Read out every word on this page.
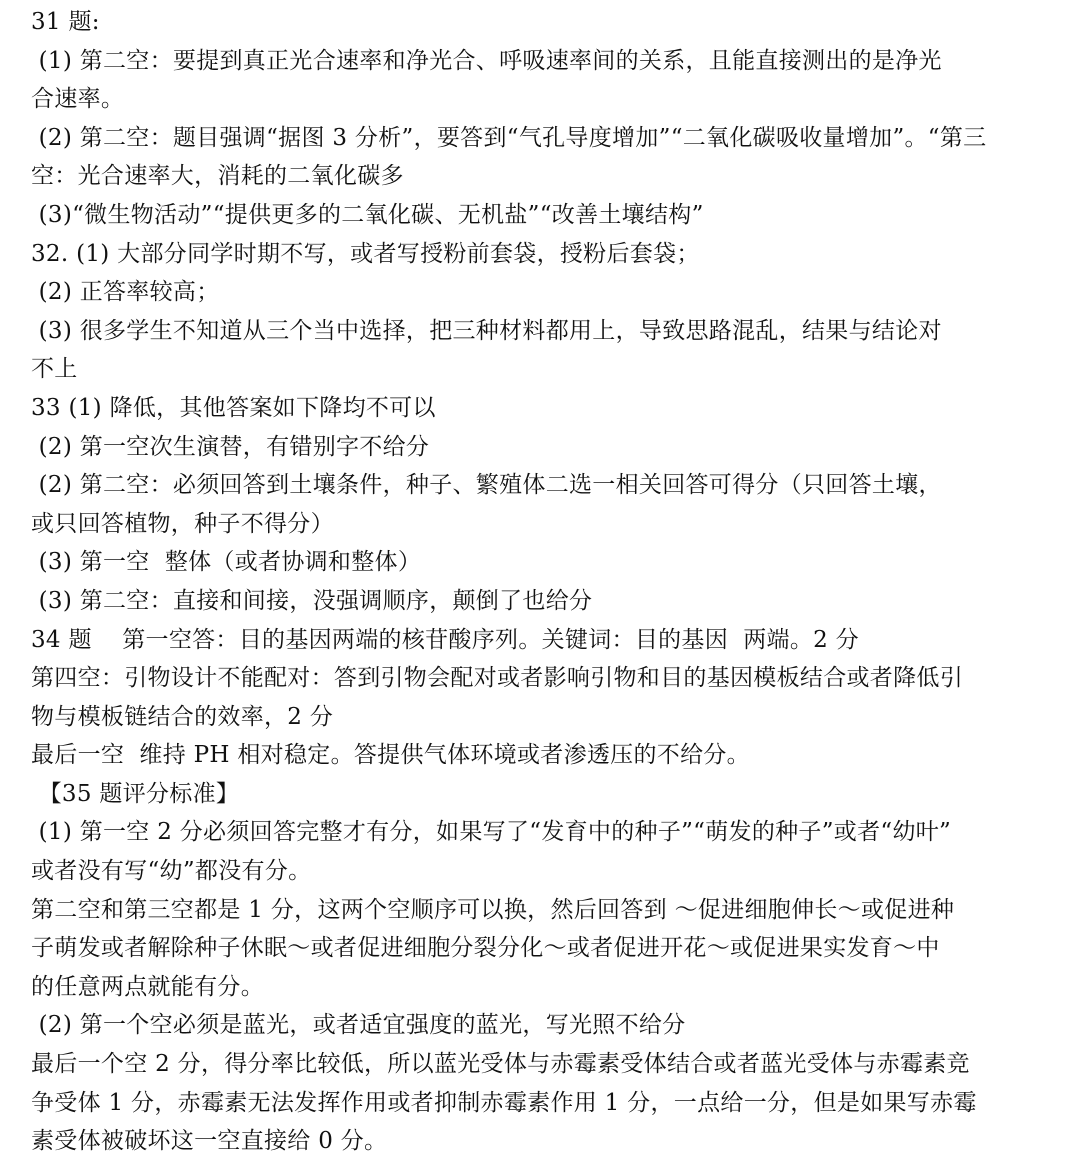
31 题:
(1) 第二空：要提到真正光合速率和净光合、呼吸速率间的关系，且能直接测出的是净光
合速率。
(2) 第二空：题目强调“据图 3 分析”，要答到“气孔导度增加”“二氧化碳吸收量增加”。“第三
空：光合速率大，消耗的二氧化碳多
(3)“微生物活动”“提供更多的二氧化碳、无机盐”“改善土壤结构”
32. (1) 大部分同学时期不写，或者写授粉前套袋，授粉后套袋；
(2) 正答率较高；
(3) 很多学生不知道从三个当中选择，把三种材料都用上，导致思路混乱，结果与结论对
不上
33 (1) 降低，其他答案如下降均不可以
(2) 第一空次生演替，有错别字不给分
(2) 第二空：必须回答到土壤条件，种子、繁殖体二选一相关回答可得分（只回答土壤，
或只回答植物，种子不得分）
(3) 第一空  整体（或者协调和整体）
(3) 第二空：直接和间接，没强调顺序，颠倒了也给分
34 题    第一空答：目的基因两端的核苷酸序列。关键词：目的基因  两端。2 分
第四空：引物设计不能配对：答到引物会配对或者影响引物和目的基因模板结合或者降低引
物与模板链结合的效率，2 分
最后一空  维持 PH 相对稳定。答提供气体环境或者渗透压的不给分。
【35 题评分标准】
(1) 第一空 2 分必须回答完整才有分，如果写了“发育中的种子”“萌发的种子”或者“幼叶”
或者没有写“幼”都没有分。
第二空和第三空都是 1 分，这两个空顺序可以换，然后回答到 ～促进细胞伸长～或促进种
子萌发或者解除种子休眠～或者促进细胞分裂分化～或者促进开花～或促进果实发育～中
的任意两点就能有分。
(2) 第一个空必须是蓝光，或者适宜强度的蓝光，写光照不给分
最后一个空 2 分，得分率比较低，所以蓝光受体与赤霉素受体结合或者蓝光受体与赤霉素竞
争受体 1 分，赤霉素无法发挥作用或者抑制赤霉素作用 1 分，一点给一分，但是如果写赤霉
素受体被破坏这一空直接给 0 分。
